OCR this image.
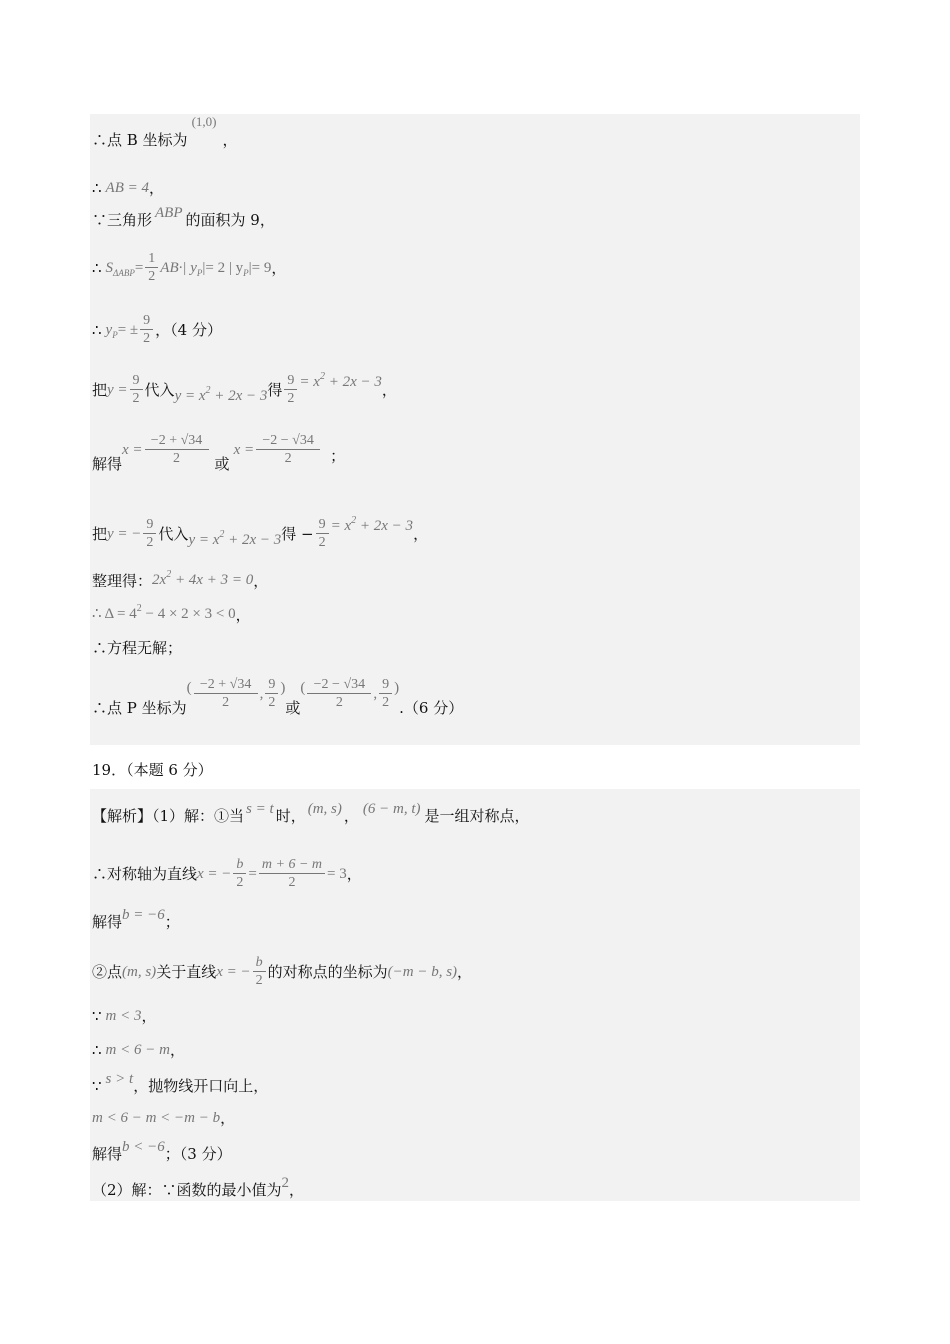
∴点 B 坐标为
(1,0)
，
∴ AB = 4 ，
∵三角形 ABP 的面积为 9，
∴ S $\Delta ABP = \frac{1}{2} AB\cdot|$ y P |= 2 | y P |= 9 ，
∴ y P = ± $\frac{9}{2}$ ，（4 分）
把 $y = \frac{9}{2}$ 代入 $y = x^2 + 2x - 3$ 得 $\frac{9}{2} = x^2 + 2x - 3$ ，
解得
$x = \frac{-2 + √34}{2}$ 或
$x = \frac{-2 - √34}{2}$ ；
把 y = − $\frac{9}{2}$ 代入 $y = x^2 + 2x - 3$ 得 − $\frac{9}{2} = x^2 + 2x - 3$ ，
整理得： $2x^2 + 4x + 3 = 0$ ，
∴ $\Delta = 4^2 - 4 \times 2 \times 3 < 0$ ，
∴方程无解；
∴点 P 坐标为
( $\frac{-2 + √34}{2}$ , $\frac{9}{2}$ )
或
( $\frac{-2 - √34}{2}$ , $\frac{9}{2}$ )
.（6 分）
19．（本题 6 分）
【解析】（1）解：①当 s = t 时， (m, s) ， (6 − m, t) 是一组对称点，
∴对称轴为直线 x = − $\frac{b}{2} = \frac{m + 6 - m}{2} = 3$ ，
解得 b = −6 ；
②点 (m, s) 关于直线 x = − $\frac{b}{2}$ 的对称点的坐标为 (−m − b, s) ，
∵ m < 3 ，
∴ m < 6 − m ，
∵ s > t ，抛物线开口向上，
m < 6 − m < −m − b ，
解得 b < −6 ；（3 分）
（2）解：∵函数的最小值为 2 ，
